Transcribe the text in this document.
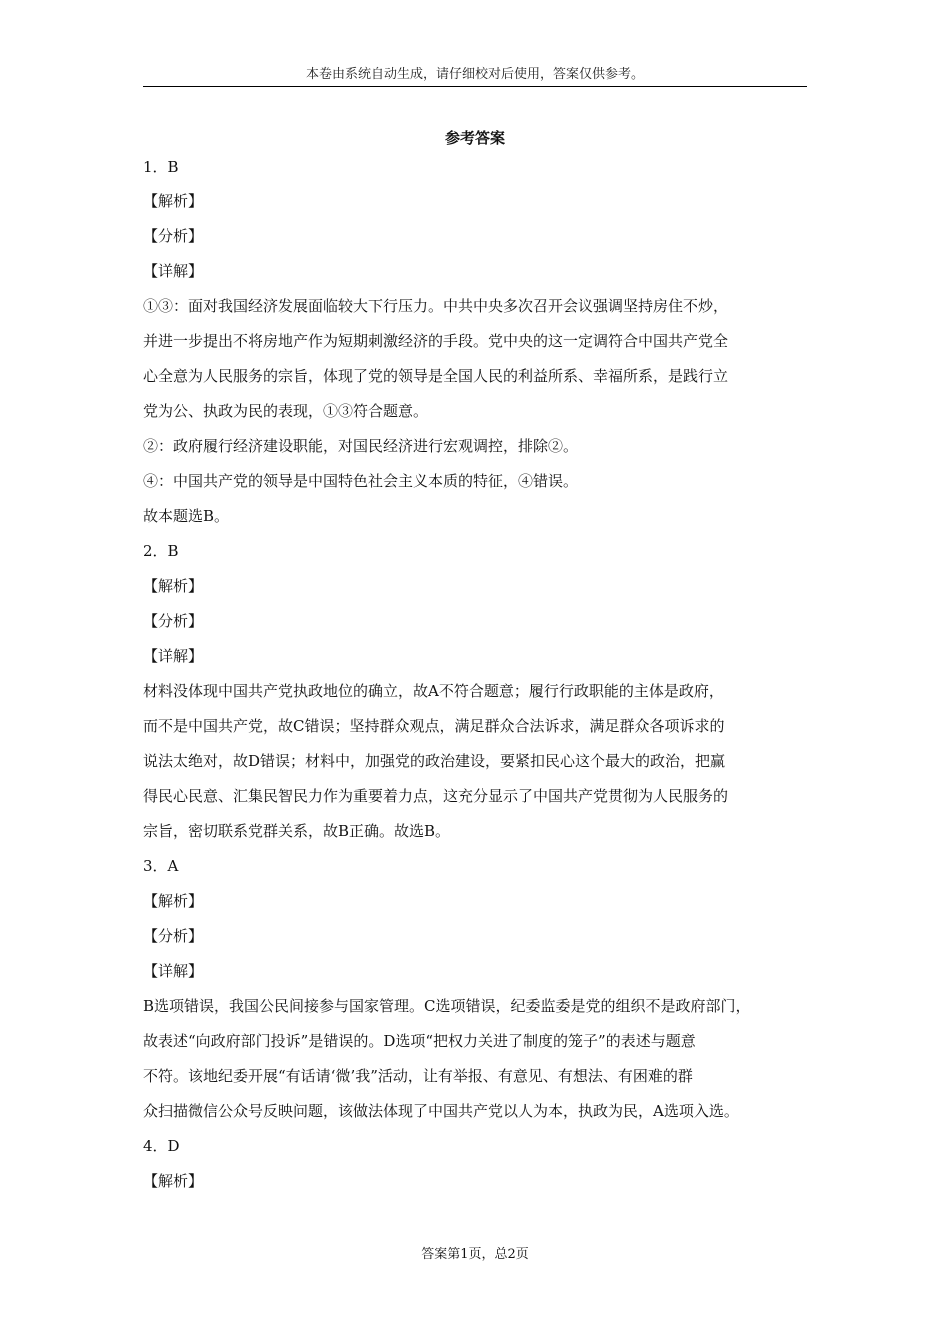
本卷由系统自动生成，请仔细校对后使用，答案仅供参考。
参考答案
1．B
【解析】
【分析】
【详解】
①③：面对我国经济发展面临较大下行压力。中共中央多次召开会议强调坚持房住不炒，
并进一步提出不将房地产作为短期刺激经济的手段。党中央的这一定调符合中国共产党全
心全意为人民服务的宗旨，体现了党的领导是全国人民的利益所系、幸福所系，是践行立
党为公、执政为民的表现，①③符合题意。
②：政府履行经济建设职能，对国民经济进行宏观调控，排除②。
④：中国共产党的领导是中国特色社会主义本质的特征，④错误。
故本题选B。
2．B
【解析】
【分析】
【详解】
材料没体现中国共产党执政地位的确立，故A不符合题意；履行行政职能的主体是政府，
而不是中国共产党，故C错误；坚持群众观点，满足群众合法诉求，满足群众各项诉求的
说法太绝对，故D错误；材料中，加强党的政治建设，要紧扣民心这个最大的政治，把赢
得民心民意、汇集民智民力作为重要着力点，这充分显示了中国共产党贯彻为人民服务的
宗旨，密切联系党群关系，故B正确。故选B。
3．A
【解析】
【分析】
【详解】
B选项错误，我国公民间接参与国家管理。C选项错误，纪委监委是党的组织不是政府部门，
故表述“向政府部门投诉”是错误的。D选项“把权力关进了制度的笼子”的表述与题意
不符。该地纪委开展“有话请‘微’我”活动，让有举报、有意见、有想法、有困难的群
众扫描微信公众号反映问题，该做法体现了中国共产党以人为本，执政为民，A选项入选。
4．D
【解析】
答案第1页，总2页
